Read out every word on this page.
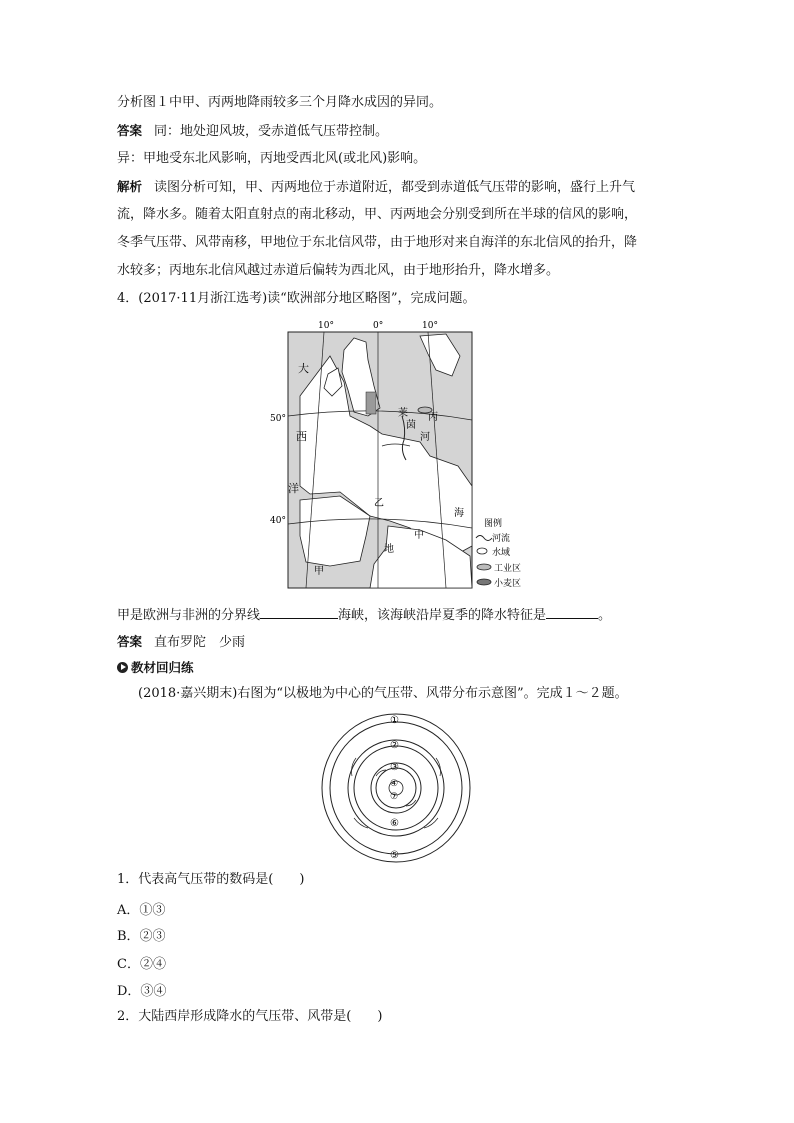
分析图１中甲、丙两地降雨较多三个月降水成因的异同。
答案 同：地处迎风坡，受赤道低气压带控制。
异：甲地受东北风影响，丙地受西北风(或北风)影响。
解析 读图分析可知，甲、丙两地位于赤道附近，都受到赤道低气压带的影响，盛行上升气
流，降水多。随着太阳直射点的南北移动，甲、丙两地会分别受到所在半球的信风的影响，
冬季气压带、风带南移，甲地位于东北信风带，由于地形对来自海洋的东北信风的抬升，降
水较多；丙地东北信风越过赤道后偏转为西北风，由于地形抬升，降水增多。
4．(2017·11月浙江选考)读“欧洲部分地区略图”，完成问题。
10°	0°	10°
50°
40°
大
西
洋
莱
茵
河
丙
乙
甲
地
中
海
图例
河流
水域
工业区
小麦区
甲是欧洲与非洲的分界线	海峡，该海峡沿岸夏季的降水特征是	。
答案 直布罗陀　少雨
教材回归练
(2018·嘉兴期末)右图为“以极地为中心的气压带、风带分布示意图”。完成１～２题。
①
②
③
④
⑤
⑥
⑦
1．代表高气压带的数码是(　　)
A．①③
B．②③
C．②④
D．③④
2．大陆西岸形成降水的气压带、风带是(　　)
